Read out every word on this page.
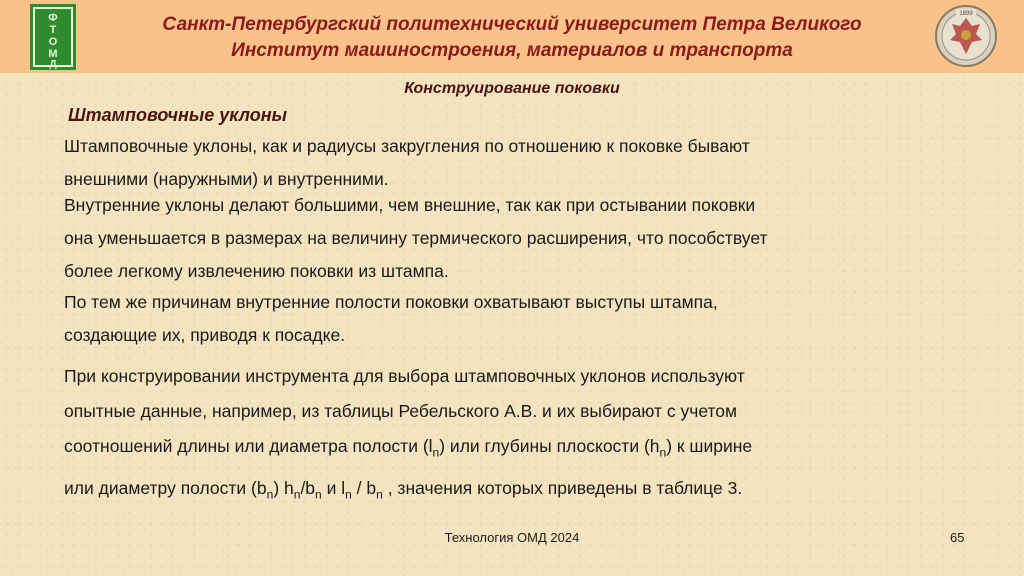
Ф
Т
О
М
Д
Санкт-Петербургский политехнический университет Петра Великого
Институт машиностроения, материалов и транспорта
1899
Конструирование поковки
Штамповочные уклоны
Штамповочные уклоны, как и радиусы закругления по отношению к поковке бывают
внешними (наружными) и внутренними.
Внутренние уклоны делают большими, чем внешние, так как при остывании поковки
она уменьшается в размерах на величину термического расширения, что пособствует
более легкому извлечению поковки из штампа.
По тем же причинам внутренние полости поковки охватывают выступы штампа,
создающие их, приводя к посадке.
При конструировании инструмента для выбора штамповочных уклонов используют
опытные данные, например, из таблицы Ребельского А.В. и их выбирают с учетом
соотношений длины или диаметра полости $(l_n)$ или глубины плоскости $(h_n)$ к ширине
или диаметру полости $(b_n)$ $h_n/b_n$ и $l_n / b_n$ , значения которых приведены в таблице 3.
Технология ОМД 2024	65
